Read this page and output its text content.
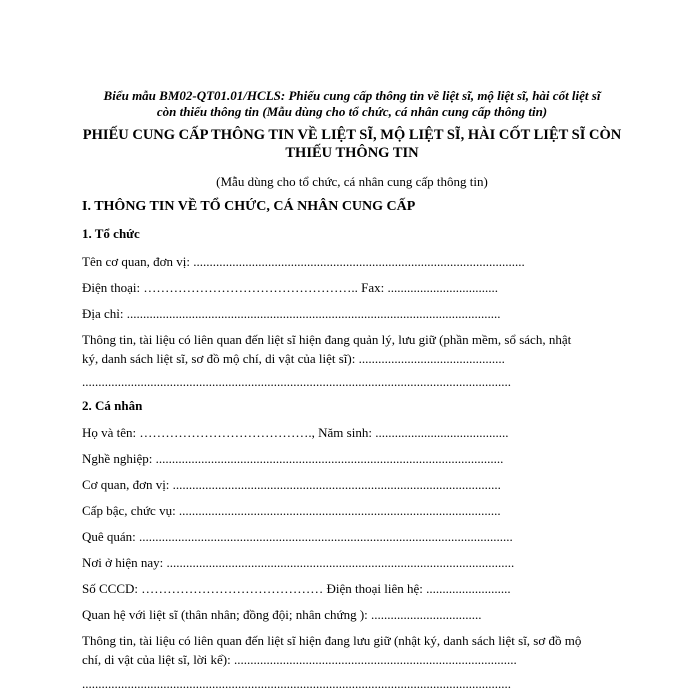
Biểu mẫu BM02-QT01.01/HCLS: Phiếu cung cấp thông tin về liệt sĩ, mộ liệt sĩ, hài cốt liệt sĩ
còn thiếu thông tin (Mẫu dùng cho tổ chức, cá nhân cung cấp thông tin)

PHIẾU CUNG CẤP THÔNG TIN VỀ LIỆT SĨ, MỘ LIỆT SĨ, HÀI CỐT LIỆT SĨ CÒN
THIẾU THÔNG TIN

(Mẫu dùng cho tổ chức, cá nhân cung cấp thông tin)

I. THÔNG TIN VỀ TỔ CHỨC, CÁ NHÂN CUNG CẤP

1. Tổ chức

Tên cơ quan, đơn vị: ......................................................................................................

Điện thoại: ………………………………………….. Fax: ..................................

Địa chỉ: ...................................................................................................................

Thông tin, tài liệu có liên quan đến liệt sĩ hiện đang quản lý, lưu giữ (phần mềm, sổ sách, nhật
ký, danh sách liệt sĩ, sơ đồ mộ chí, di vật của liệt sĩ): .............................................

....................................................................................................................................

2. Cá nhân

Họ và tên: …………………………………., Năm sinh: .........................................

Nghề nghiệp: ...........................................................................................................

Cơ quan, đơn vị: .....................................................................................................

Cấp bậc, chức vụ: ...................................................................................................

Quê quán: ...................................................................................................................

Nơi ở hiện nay: ...........................................................................................................

Số CCCD: …………………………………… Điện thoại liên hệ: ..........................

Quan hệ với liệt sĩ (thân nhân; đồng đội; nhân chứng ): ..................................

Thông tin, tài liệu có liên quan đến liệt sĩ hiện đang lưu giữ (nhật ký, danh sách liệt sĩ, sơ đồ mộ
chí, di vật của liệt sĩ, lời kể): .......................................................................................

....................................................................................................................................
